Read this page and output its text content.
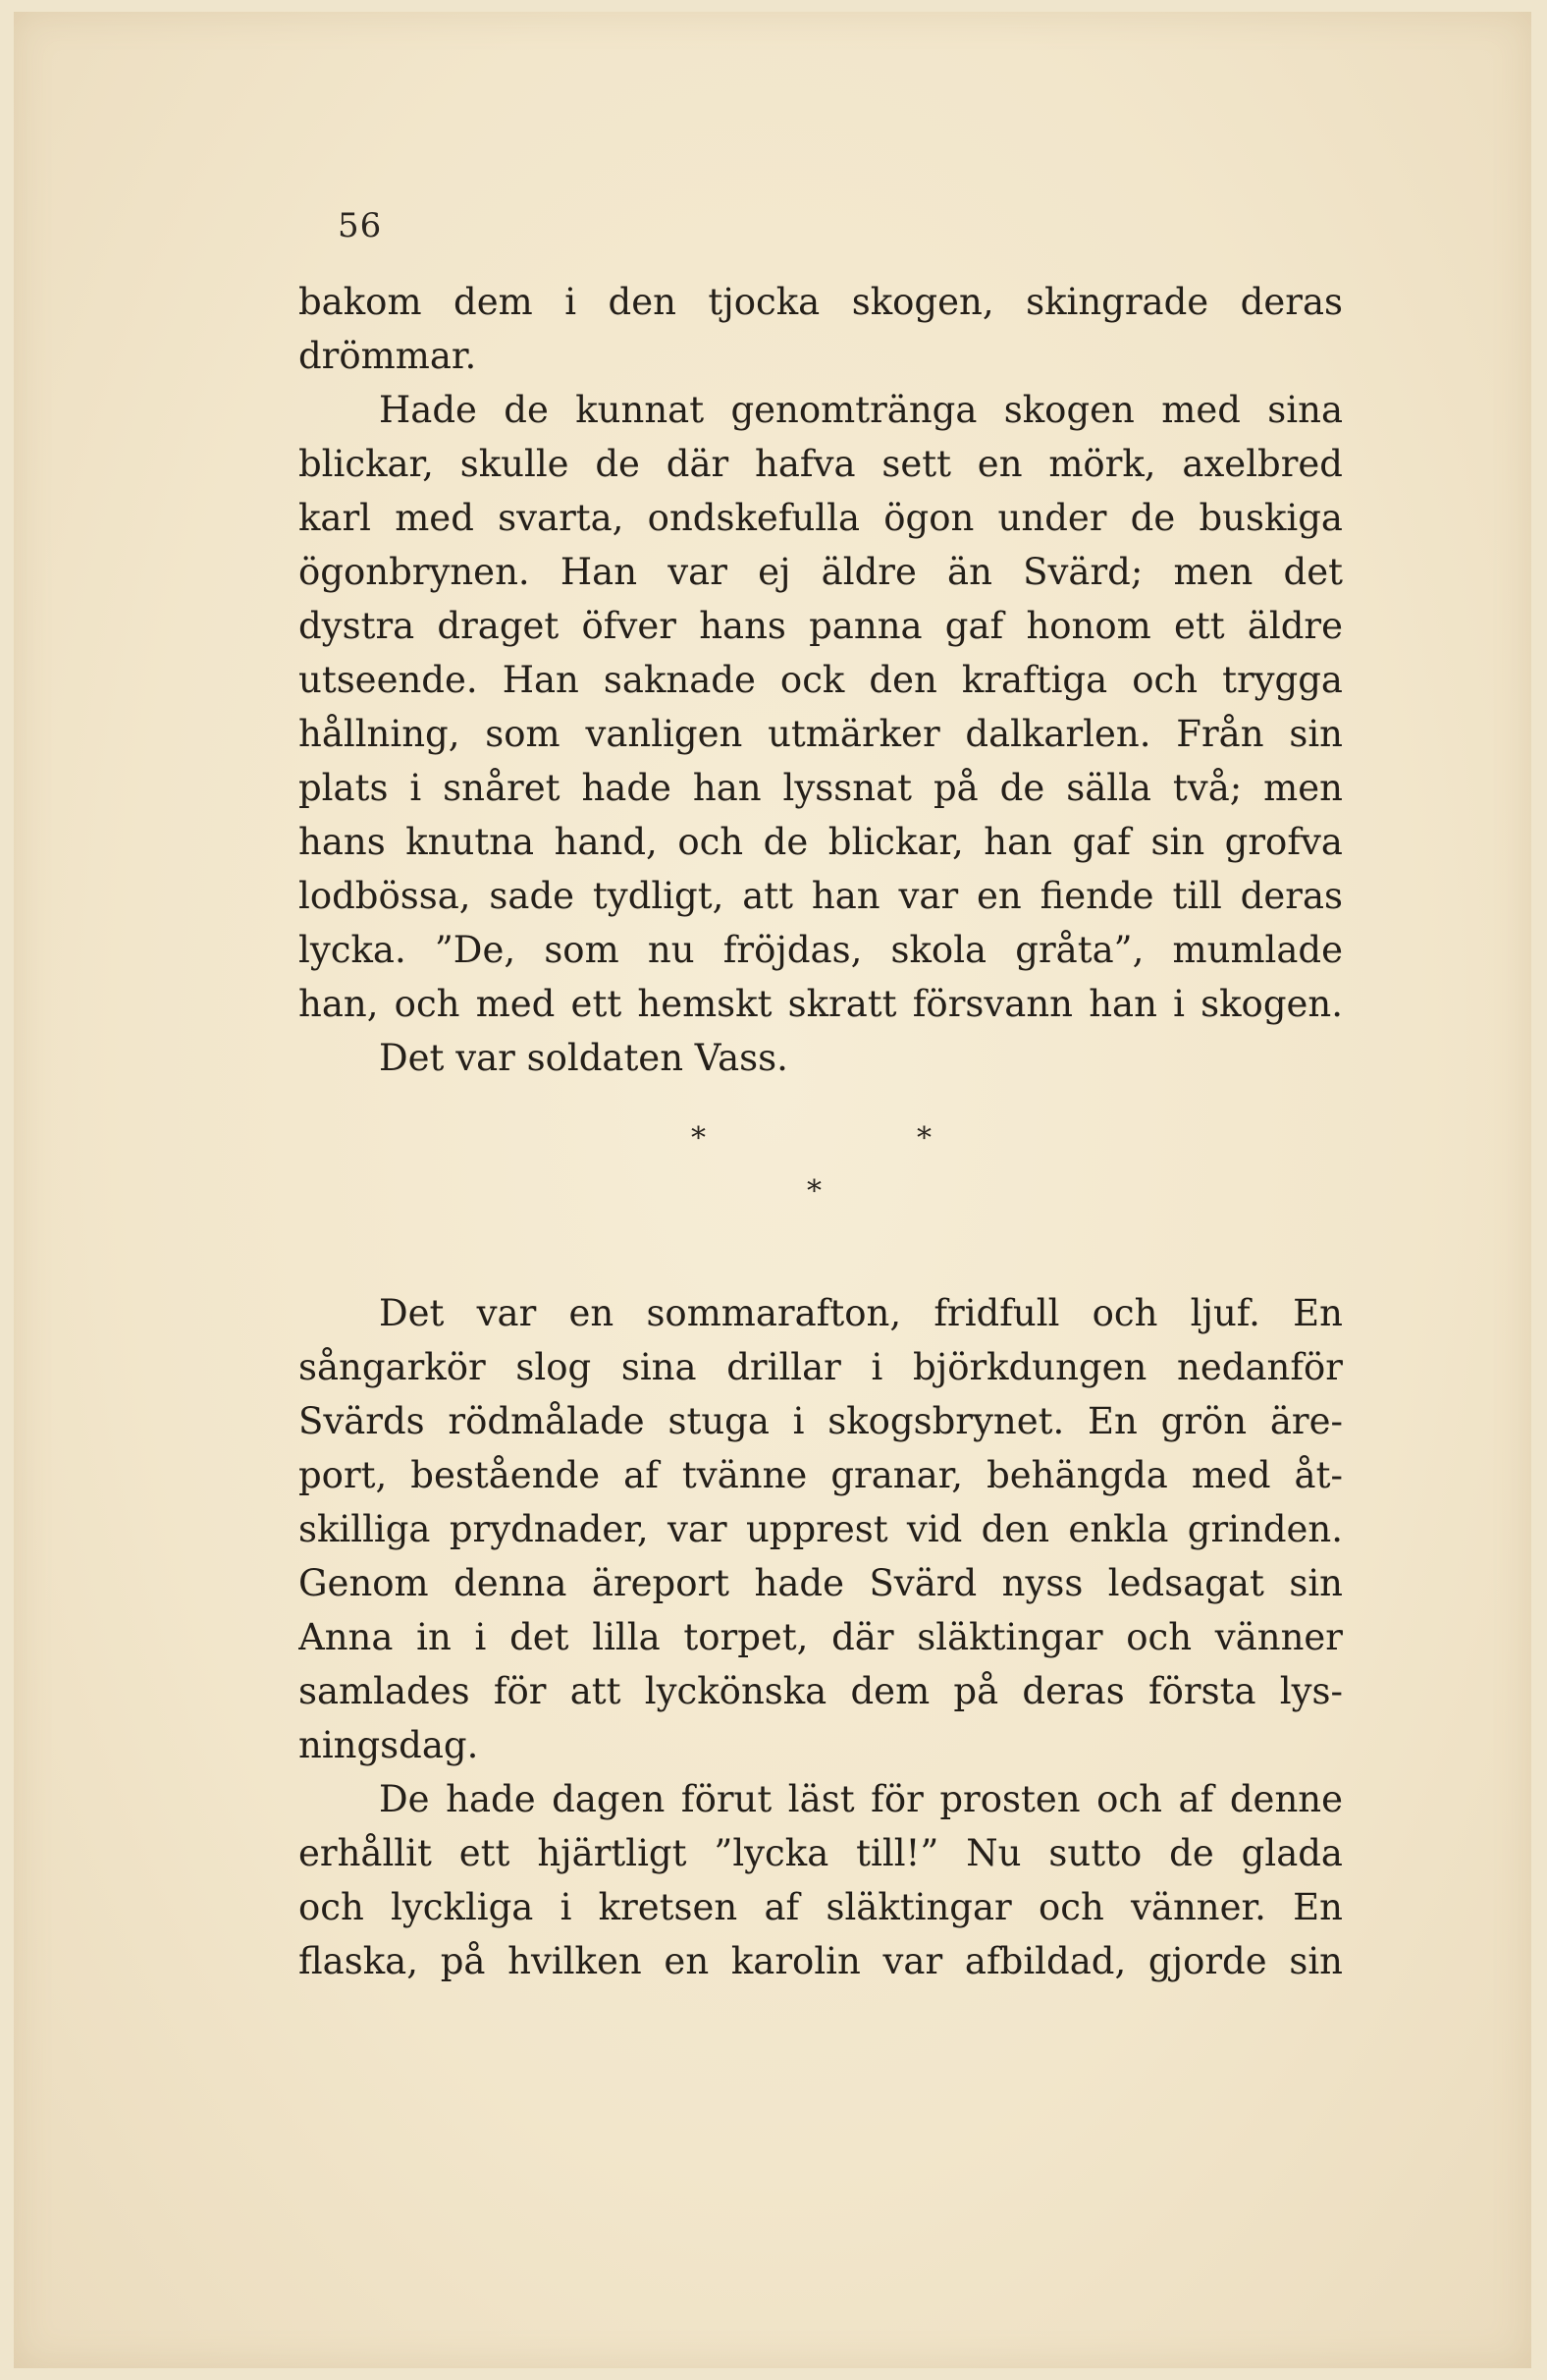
56
bakom dem i den tjocka skogen, skingrade deras
drömmar.
Hade de kunnat genomtränga skogen med sina
blickar, skulle de där hafva sett en mörk, axelbred
karl med svarta, ondskefulla ögon under de buskiga
ögonbrynen. Han var ej äldre än Svärd; men det
dystra draget öfver hans panna gaf honom ett äldre
utseende. Han saknade ock den kraftiga och trygga
hållning, som vanligen utmärker dalkarlen. Från sin
plats i snåret hade han lyssnat på de sälla två; men
hans knutna hand, och de blickar, han gaf sin grofva
lodbössa, sade tydligt, att han var en fiende till deras
lycka. ”De, som nu fröjdas, skola gråta”, mumlade
han, och med ett hemskt skratt försvann han i skogen.
Det var soldaten Vass.
*	*
*
Det var en sommarafton, fridfull och ljuf. En
sångarkör slog sina drillar i björkdungen nedanför
Svärds rödmålade stuga i skogsbrynet. En grön äre-
port, bestående af tvänne granar, behängda med åt-
skilliga prydnader, var upprest vid den enkla grinden.
Genom denna äreport hade Svärd nyss ledsagat sin
Anna in i det lilla torpet, där släktingar och vänner
samlades för att lyckönska dem på deras första lys-
ningsdag.
De hade dagen förut läst för prosten och af denne
erhållit ett hjärtligt ”lycka till!” Nu sutto de glada
och lyckliga i kretsen af släktingar och vänner. En
flaska, på hvilken en karolin var afbildad, gjorde sin
